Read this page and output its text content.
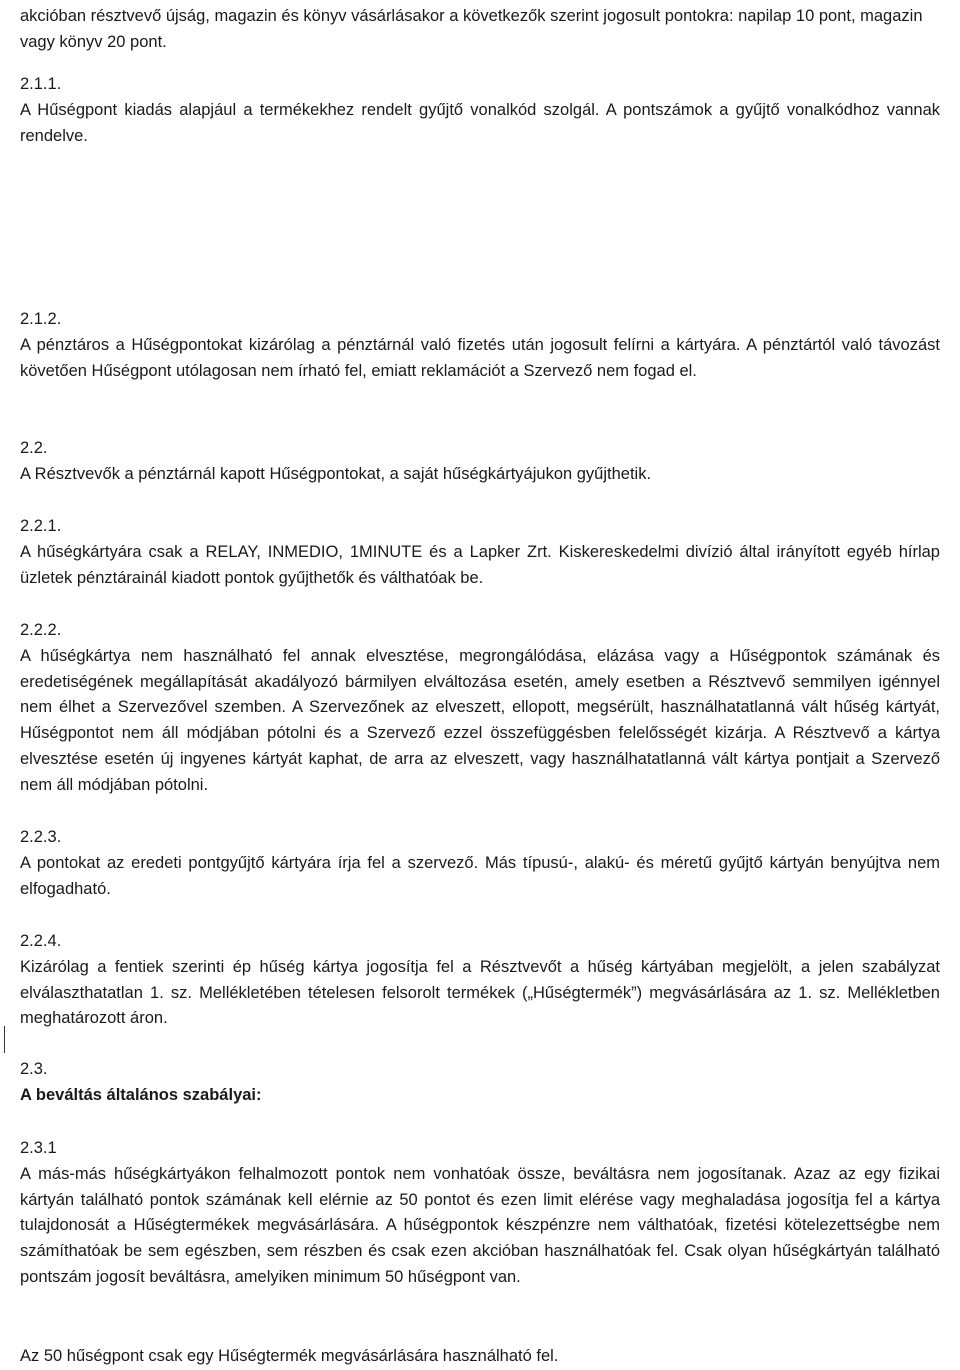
akcióban résztvevő újság, magazin és könyv vásárlásakor a következők szerint jogosult pontokra: napilap 10 pont, magazin vagy könyv 20 pont.

2.1.1.

A Hűségpont kiadás alapjául a termékekhez rendelt gyűjtő vonalkód szolgál. A pontszámok a gyűjtő vonalkódhoz vannak rendelve.

2.1.2.

A pénztáros a Hűségpontokat kizárólag a pénztárnál való fizetés után jogosult felírni a kártyára. A pénztártól való távozást követően Hűségpont utólagosan nem írható fel, emiatt reklamációt a Szervező nem fogad el.

2.2.

A Résztvevők a pénztárnál kapott Hűségpontokat, a saját hűségkártyájukon gyűjthetik.

2.2.1.

A hűségkártyára csak a RELAY, INMEDIO, 1MINUTE és a Lapker Zrt. Kiskereskedelmi divízió által irányított egyéb hírlap üzletek pénztárainál kiadott pontok gyűjthetők és válthatóak be.

2.2.2.

A hűségkártya nem használható fel annak elvesztése, megrongálódása, elázása vagy a Hűségpontok számának és eredetiségének megállapítását akadályozó bármilyen elváltozása esetén, amely esetben a Résztvevő semmilyen igénnyel nem élhet a Szervezővel szemben. A Szervezőnek az elveszett, ellopott, megsérült, használhatatlanná vált hűség kártyát, Hűségpontot nem áll módjában pótolni és a Szervező ezzel összefüggésben felelősségét kizárja. A Résztvevő a kártya elvesztése esetén új ingyenes kártyát kaphat, de arra az elveszett, vagy használhatatlanná vált kártya pontjait a Szervező nem áll módjában pótolni.

2.2.3.

A pontokat az eredeti pontgyűjtő kártyára írja fel a szervező. Más típusú-, alakú- és méretű gyűjtő kártyán benyújtva nem elfogadható.

2.2.4.

Kizárólag a fentiek szerinti ép hűség kártya jogosítja fel a Résztvevőt a hűség kártyában megjelölt, a jelen szabályzat elválaszthatatlan 1. sz. Mellékletében tételesen felsorolt termékek („Hűségtermék”) megvásárlására az 1. sz. Mellékletben meghatározott áron.

2.3.

A beváltás általános szabályai:

2.3.1

A más-más hűségkártyákon felhalmozott pontok nem vonhatóak össze, beváltásra nem jogosítanak. Azaz az egy fizikai kártyán található pontok számának kell elérnie az 50 pontot és ezen limit elérése vagy meghaladása jogosítja fel a kártya tulajdonosát a Hűségtermékek megvásárlására. A hűségpontok készpénzre nem válthatóak, fizetési kötelezettségbe nem számíthatóak be sem egészben, sem részben és csak ezen akcióban használhatóak fel. Csak olyan hűségkártyán található pontszám jogosít beváltásra, amelyiken minimum 50 hűségpont van.

Az 50 hűségpont csak egy Hűségtermék megvásárlására használható fel.
